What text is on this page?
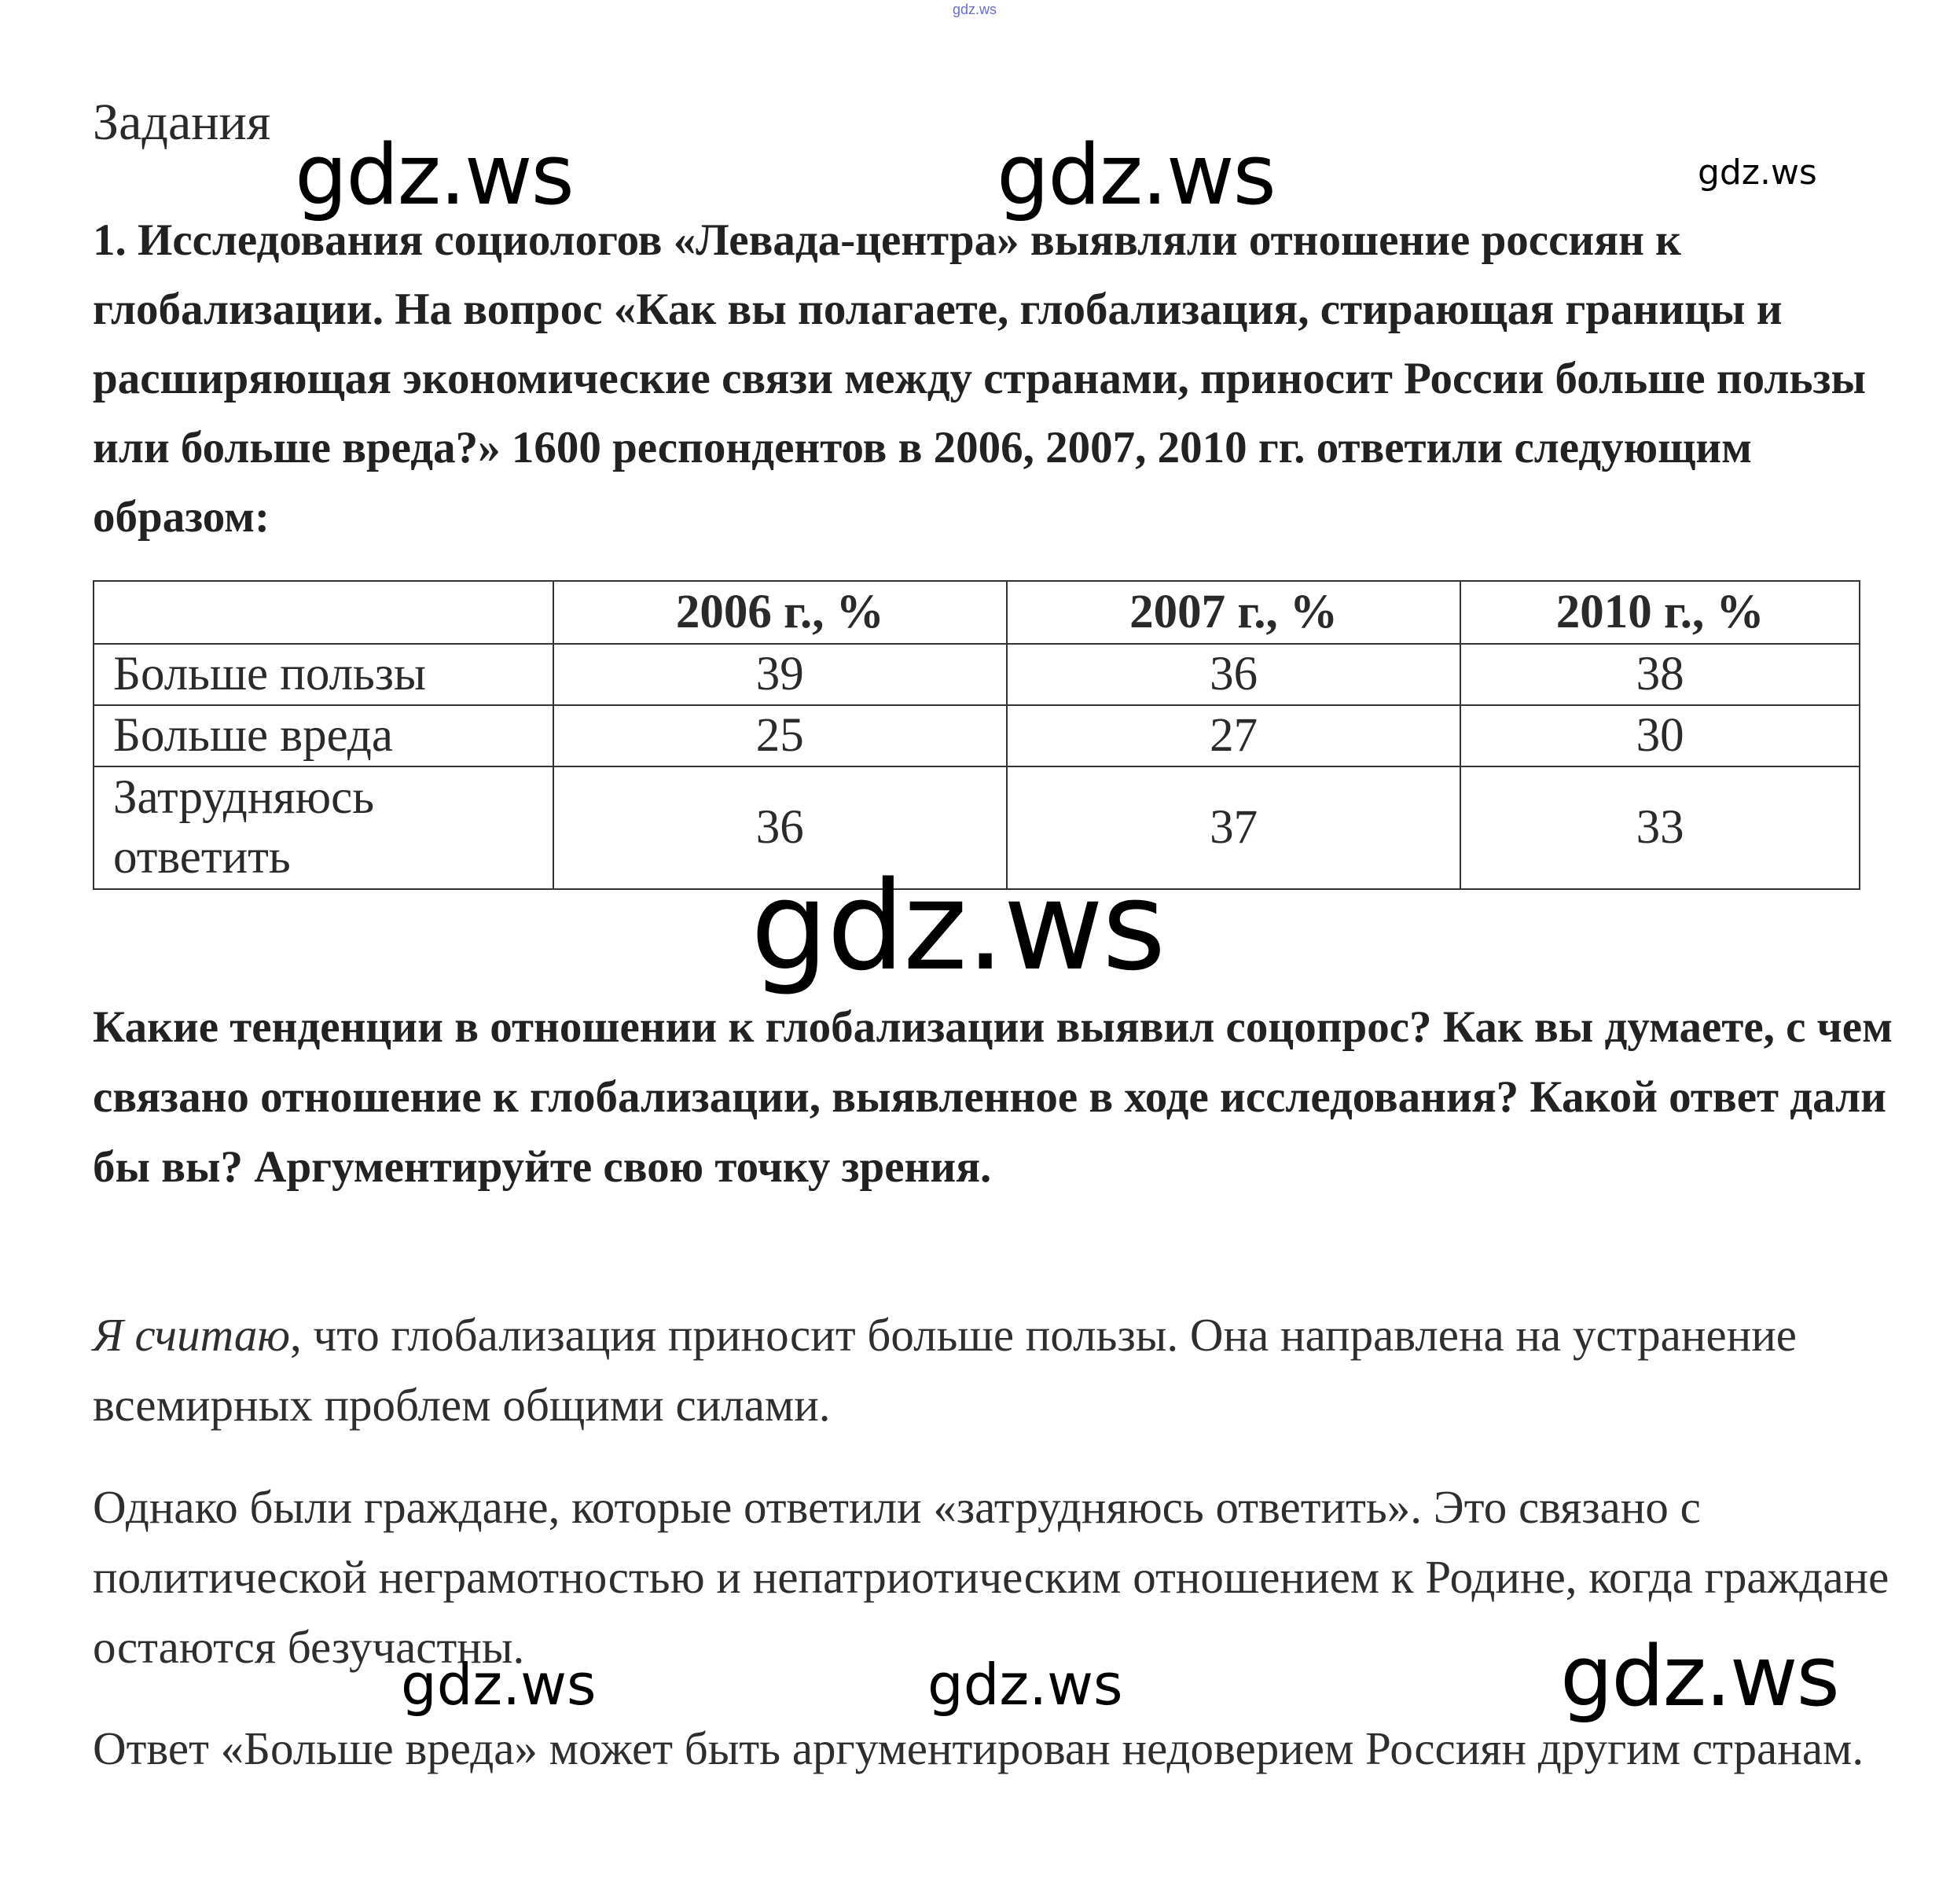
gdz.ws
Задания

1. Исследования социологов «Левада-центра» выявляли отношение россиян к глобализации. На вопрос «Как вы полагаете, глобализация, стирающая границы и расширяющая экономические связи между странами, приносит России больше пользы или больше вреда?» 1600 респондентов в 2006, 2007, 2010 гг. ответили следующим образом:

	2006 г., %	2007 г., %	2010 г., %
Больше пользы	39	36	38
Больше вреда	25	27	30
Затрудняюсь ответить	36	37	33

Какие тенденции в отношении к глобализации выявил соцопрос? Как вы думаете, с чем связано отношение к глобализации, выявленное в ходе исследования? Какой ответ дали бы вы? Аргументируйте свою точку зрения.

Я считаю, что глобализация приносит больше пользы. Она направлена на устранение всемирных проблем общими силами.

Однако были граждане, которые ответили «затрудняюсь ответить». Это связано с политической неграмотностью и непатриотическим отношением к Родине, когда граждане остаются безучастны.

Ответ «Больше вреда» может быть аргументирован недоверием Россиян другим странам.

gdz.ws	gdz.ws	gdz.ws
gdz.ws
gdz.ws	gdz.ws	gdz.ws
